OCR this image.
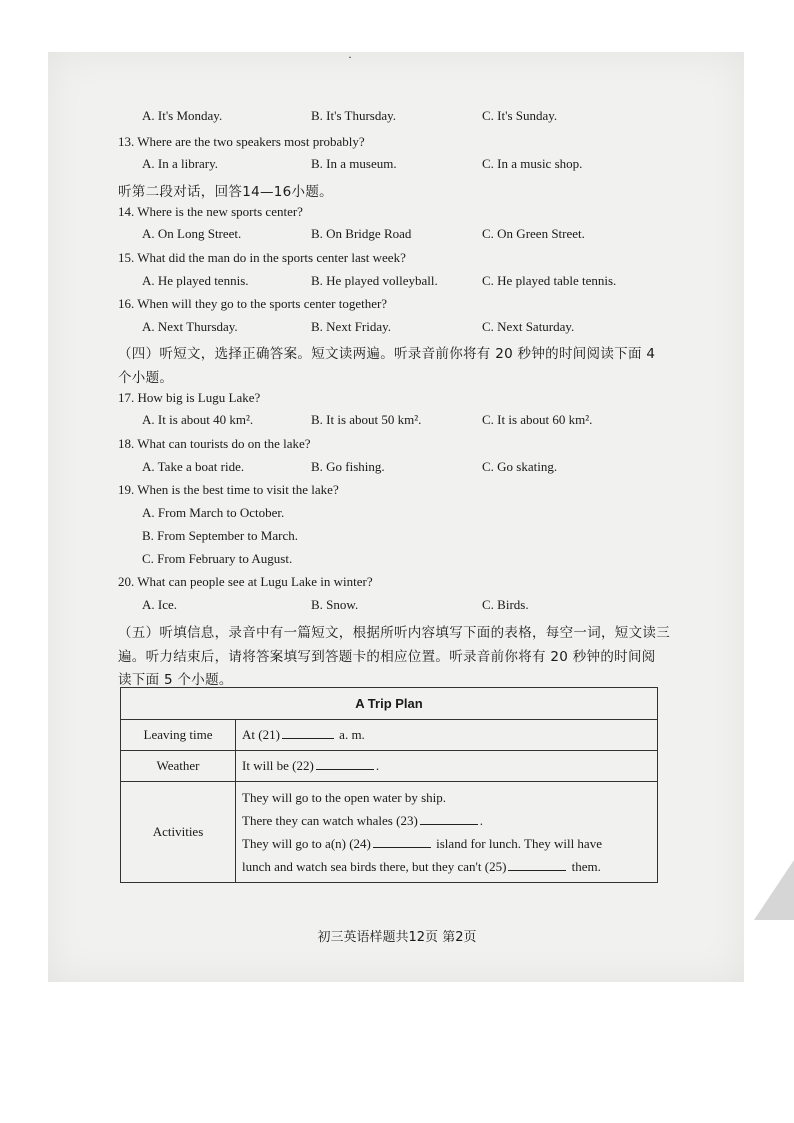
·
A. It's Monday.	B. It's Thursday.	C. It's Sunday.
13. Where are the two speakers most probably?
A. In a library.	B. In a museum.	C. In a music shop.
听第二段对话，回答14—16小题。
14. Where is the new sports center?
A. On Long Street.	B. On Bridge Road	C. On Green Street.
15. What did the man do in the sports center last week?
A. He played tennis.	B. He played volleyball.	C. He played table tennis.
16. When will they go to the sports center together?
A. Next Thursday.	B. Next Friday.	C. Next Saturday.
（四）听短文，选择正确答案。短文读两遍。听录音前你将有 20 秒钟的时间阅读下面 4
个小题。
17. How big is Lugu Lake?
A. It is about 40 km².	B. It is about 50 km².	C. It is about 60 km².
18. What can tourists do on the lake?
A. Take a boat ride.	B. Go fishing.	C. Go skating.
19. When is the best time to visit the lake?
A. From March to October.
B. From September to March.
C. From February to August.
20. What can people see at Lugu Lake in winter?
A. Ice.	B. Snow.	C. Birds.
（五）听填信息，录音中有一篇短文，根据所听内容填写下面的表格，每空一词，短文读三
遍。听力结束后，请将答案填写到答题卡的相应位置。听录音前你将有 20 秒钟的时间阅
读下面 5 个小题。
A Trip Plan	
Leaving time	At (21) a. m.
Weather	It will be (22) .
Activities	They will go to the open water by ship.
There they can watch whales (23) .
They will go to a(n) (24) island for lunch. They will have
lunch and watch sea birds there, but they can't (25) them.
初三英语样题共12页 第2页
